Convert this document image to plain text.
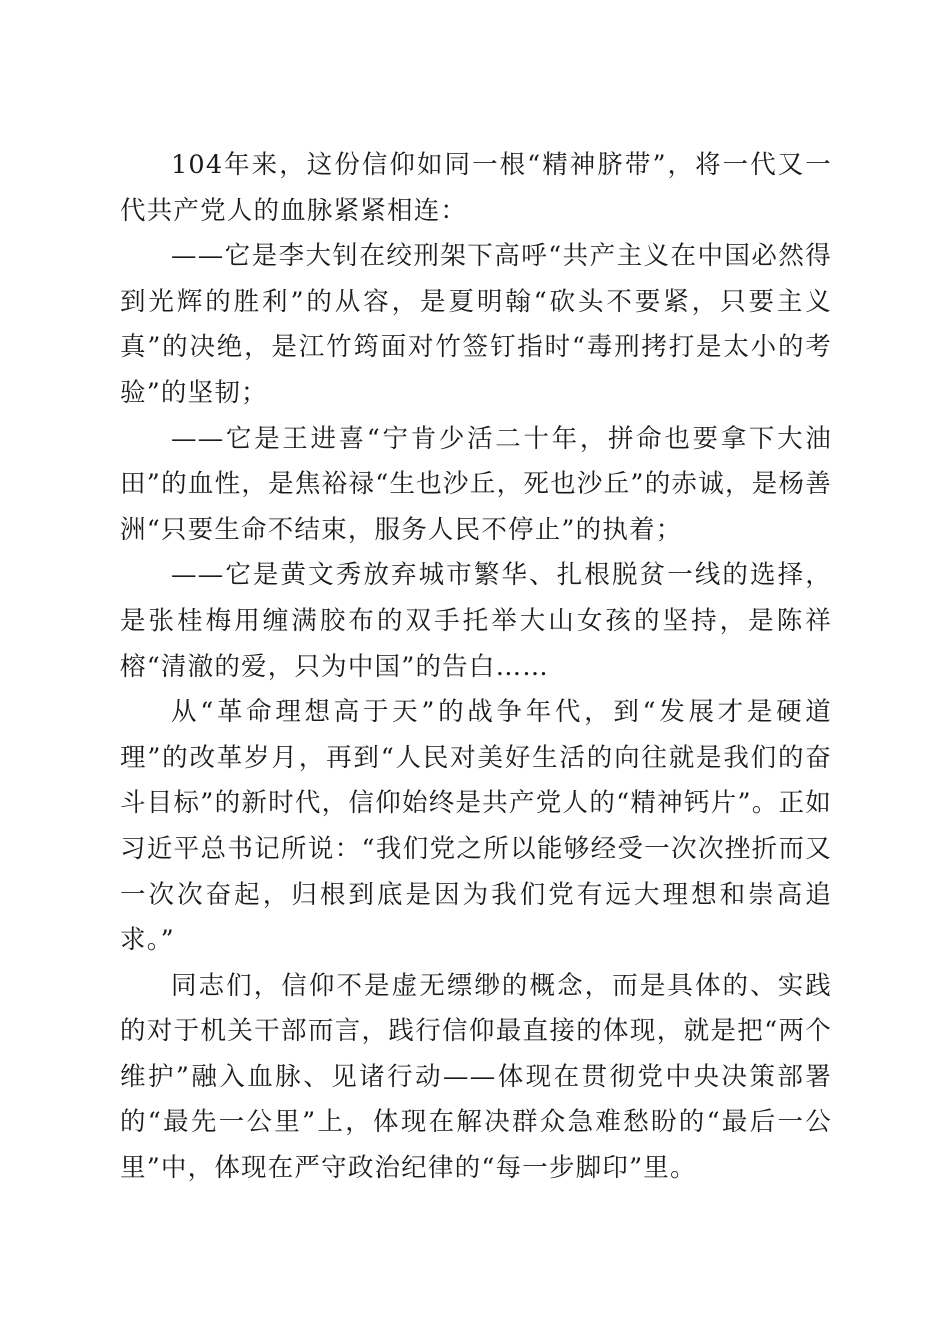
104年来，这份信仰如同一根“精神脐带”，将一代又一代共产党人的血脉紧紧相连：

——它是李大钊在绞刑架下高呼“共产主义在中国必然得到光辉的胜利”的从容，是夏明翰“砍头不要紧，只要主义真”的决绝，是江竹筠面对竹签钉指时“毒刑拷打是太小的考验”的坚韧；

——它是王进喜“宁肯少活二十年，拼命也要拿下大油田”的血性，是焦裕禄“生也沙丘，死也沙丘”的赤诚，是杨善洲“只要生命不结束，服务人民不停止”的执着；

——它是黄文秀放弃城市繁华、扎根脱贫一线的选择，是张桂梅用缠满胶布的双手托举大山女孩的坚持，是陈祥榕“清澈的爱，只为中国”的告白……

从“革命理想高于天”的战争年代，到“发展才是硬道理”的改革岁月，再到“人民对美好生活的向往就是我们的奋斗目标”的新时代，信仰始终是共产党人的“精神钙片”。正如习近平总书记所说：“我们党之所以能够经受一次次挫折而又一次次奋起，归根到底是因为我们党有远大理想和崇高追求。”

同志们，信仰不是虚无缥缈的概念，而是具体的、实践的对于机关干部而言，践行信仰最直接的体现，就是把“两个维护”融入血脉、见诸行动——体现在贯彻党中央决策部署的“最先一公里”上，体现在解决群众急难愁盼的“最后一公里”中，体现在严守政治纪律的“每一步脚印”里。
